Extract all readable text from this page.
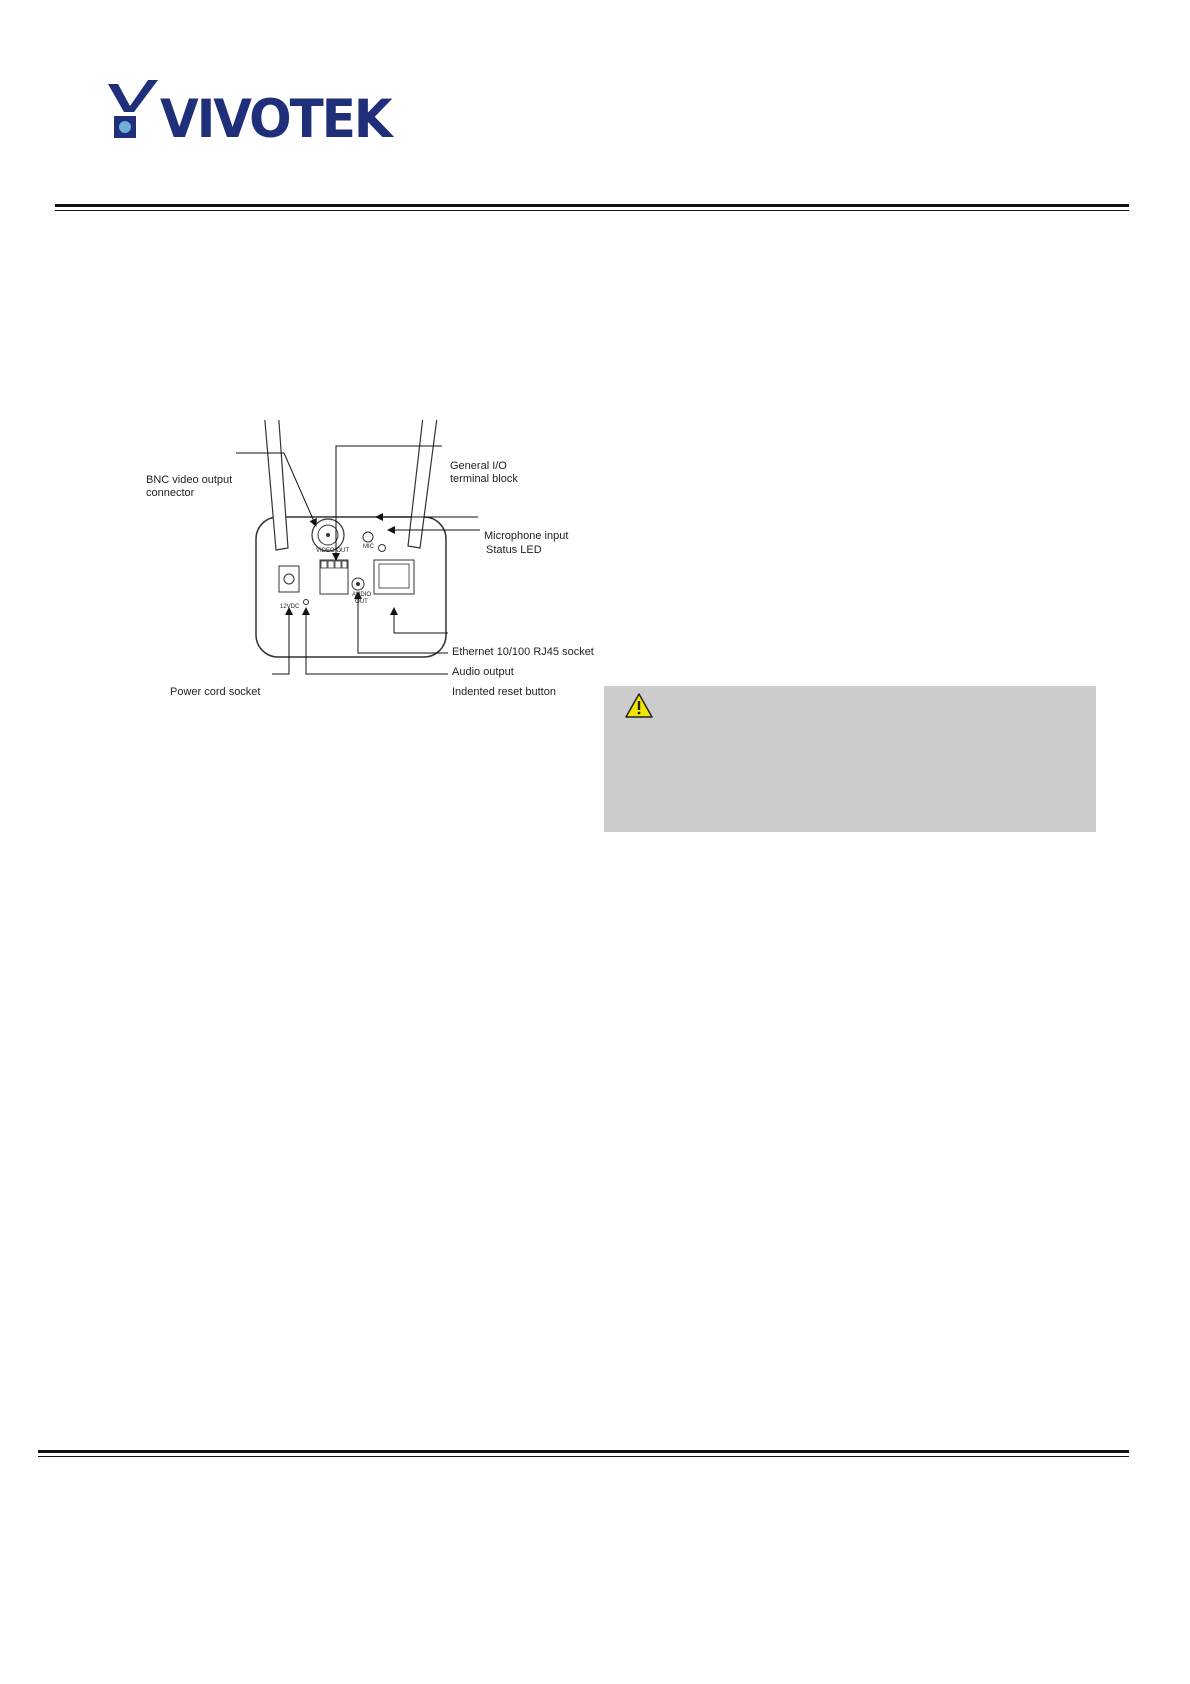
VIVOTEK
BNC video output
connector
General I/O
terminal block
Microphone input
Status LED
Ethernet 10/100 RJ45 socket
Audio output
Power cord socket	Indented reset button
VIDEO OUT
MIC
AUDIO
OUT
12VDC
